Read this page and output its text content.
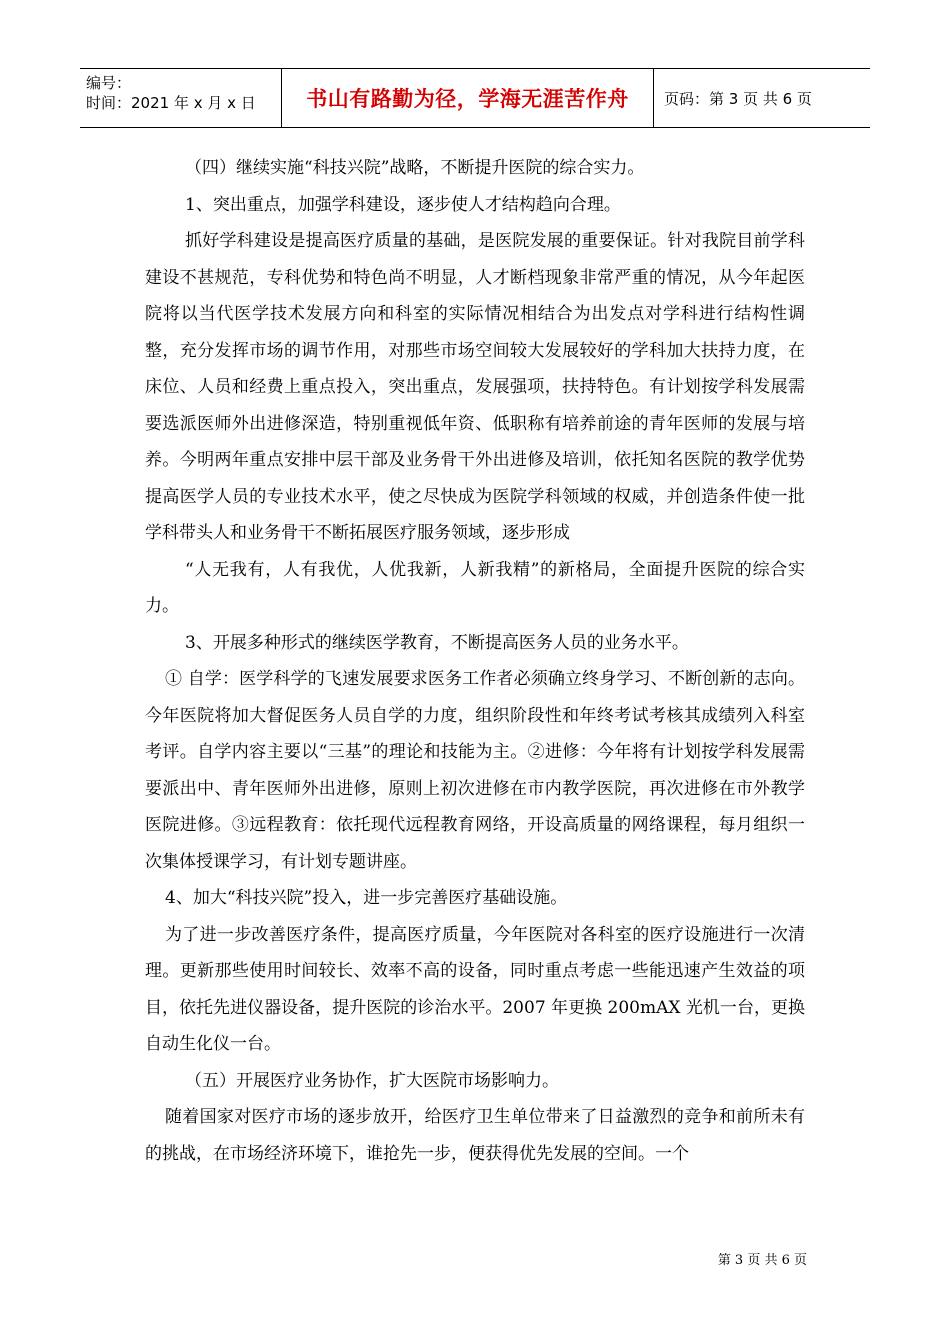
编号：
时间：2021 年 x 月 x 日	书山有路勤为径，学海无涯苦作舟	页码：第 3 页 共 6 页

（四）继续实施“科技兴院”战略，不断提升医院的综合实力。

1、突出重点，加强学科建设，逐步使人才结构趋向合理。

抓好学科建设是提高医疗质量的基础，是医院发展的重要保证。针对我院目前学科建设不甚规范，专科优势和特色尚不明显，人才断档现象非常严重的情况，从今年起医院将以当代医学技术发展方向和科室的实际情况相结合为出发点对学科进行结构性调整，充分发挥市场的调节作用，对那些市场空间较大发展较好的学科加大扶持力度，在床位、人员和经费上重点投入，突出重点，发展强项，扶持特色。有计划按学科发展需要选派医师外出进修深造，特别重视低年资、低职称有培养前途的青年医师的发展与培养。今明两年重点安排中层干部及业务骨干外出进修及培训，依托知名医院的教学优势提高医学人员的专业技术水平，使之尽快成为医院学科领域的权威，并创造条件使一批学科带头人和业务骨干不断拓展医疗服务领域，逐步形成

“人无我有，人有我优，人优我新，人新我精”的新格局，全面提升医院的综合实力。

3、开展多种形式的继续医学教育，不断提高医务人员的业务水平。

① 自学：医学科学的飞速发展要求医务工作者必须确立终身学习、不断创新的志向。今年医院将加大督促医务人员自学的力度，组织阶段性和年终考试考核其成绩列入科室考评。自学内容主要以“三基”的理论和技能为主。②进修：今年将有计划按学科发展需要派出中、青年医师外出进修，原则上初次进修在市内教学医院，再次进修在市外教学医院进修。③远程教育：依托现代远程教育网络，开设高质量的网络课程，每月组织一次集体授课学习，有计划专题讲座。

4、加大“科技兴院”投入，进一步完善医疗基础设施。

为了进一步改善医疗条件，提高医疗质量，今年医院对各科室的医疗设施进行一次清理。更新那些使用时间较长、效率不高的设备，同时重点考虑一些能迅速产生效益的项目，依托先进仪器设备，提升医院的诊治水平。2007 年更换 200mAX 光机一台，更换自动生化仪一台。

（五）开展医疗业务协作，扩大医院市场影响力。

随着国家对医疗市场的逐步放开，给医疗卫生单位带来了日益激烈的竞争和前所未有的挑战，在市场经济环境下，谁抢先一步，便获得优先发展的空间。一个

第 3 页 共 6 页
